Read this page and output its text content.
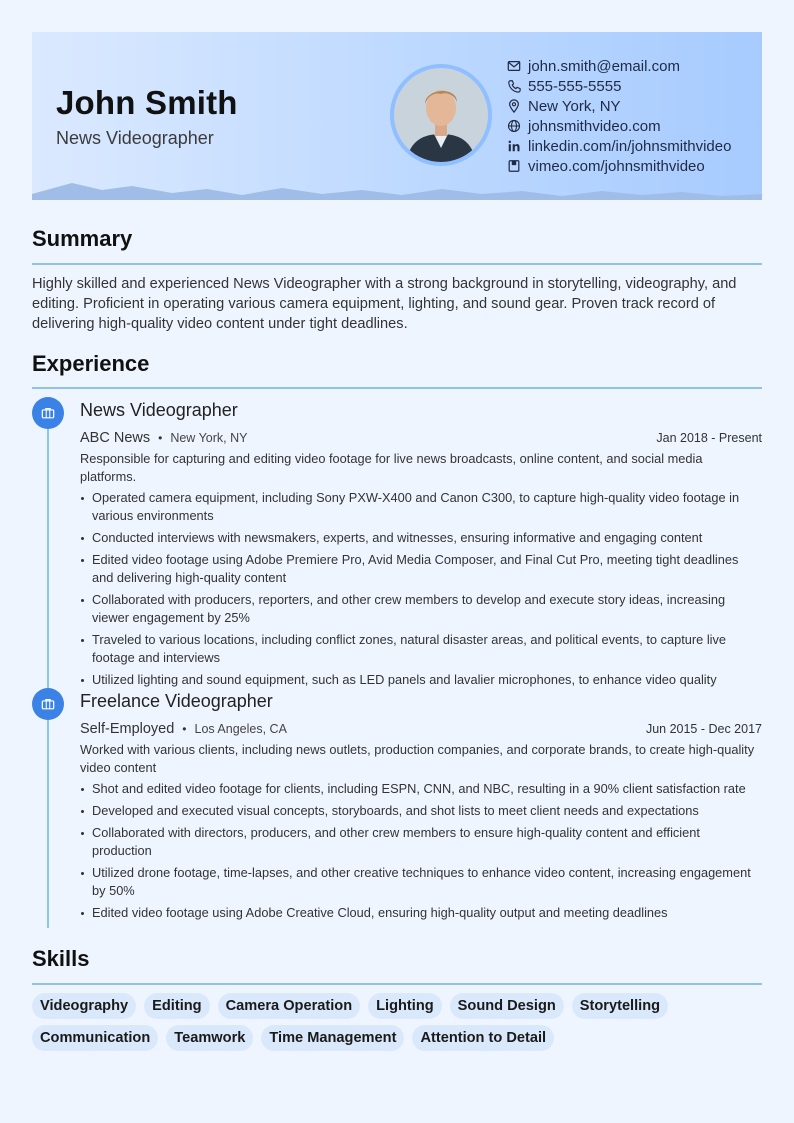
John Smith
News Videographer
john.smith@email.com
555-555-5555
New York, NY
johnsmithvideo.com
linkedin.com/in/johnsmithvideo
vimeo.com/johnsmithvideo
Summary
Highly skilled and experienced News Videographer with a strong background in storytelling, videography, and editing. Proficient in operating various camera equipment, lighting, and sound gear. Proven track record of delivering high-quality video content under tight deadlines.
Experience
News Videographer
ABC News • New York, NY	Jan 2018 - Present
Responsible for capturing and editing video footage for live news broadcasts, online content, and social media platforms.
Operated camera equipment, including Sony PXW-X400 and Canon C300, to capture high-quality video footage in various environments
Conducted interviews with newsmakers, experts, and witnesses, ensuring informative and engaging content
Edited video footage using Adobe Premiere Pro, Avid Media Composer, and Final Cut Pro, meeting tight deadlines and delivering high-quality content
Collaborated with producers, reporters, and other crew members to develop and execute story ideas, increasing viewer engagement by 25%
Traveled to various locations, including conflict zones, natural disaster areas, and political events, to capture live footage and interviews
Utilized lighting and sound equipment, such as LED panels and lavalier microphones, to enhance video quality
Freelance Videographer
Self-Employed • Los Angeles, CA	Jun 2015 - Dec 2017
Worked with various clients, including news outlets, production companies, and corporate brands, to create high-quality video content
Shot and edited video footage for clients, including ESPN, CNN, and NBC, resulting in a 90% client satisfaction rate
Developed and executed visual concepts, storyboards, and shot lists to meet client needs and expectations
Collaborated with directors, producers, and other crew members to ensure high-quality content and efficient production
Utilized drone footage, time-lapses, and other creative techniques to enhance video content, increasing engagement by 50%
Edited video footage using Adobe Creative Cloud, ensuring high-quality output and meeting deadlines
Skills
Videography	Editing	Camera Operation	Lighting	Sound Design	Storytelling
Communication	Teamwork	Time Management	Attention to Detail
